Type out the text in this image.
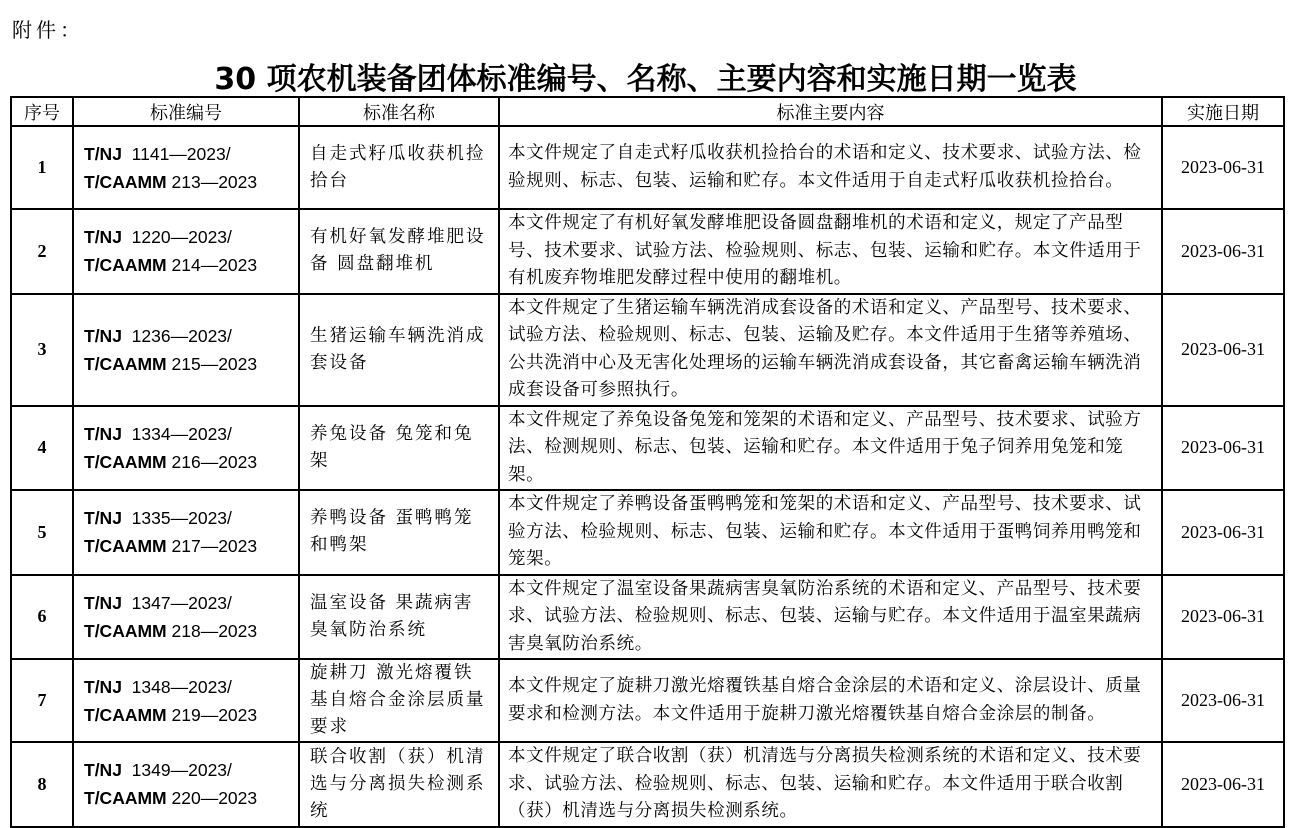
附件：
30 项农机装备团体标准编号、名称、主要内容和实施日期一览表
序号	标准编号	标准名称	标准主要内容	实施日期
1	T/NJ 1141—2023/
T/CAAMM 213—2023	自走式籽瓜收获机捡拾台	本文件规定了自走式籽瓜收获机捡拾台的术语和定义、技术要求、试验方法、检验规则、标志、包装、运输和贮存。本文件适用于自走式籽瓜收获机捡拾台。	2023-06-31
2	T/NJ 1220—2023/
T/CAAMM 214—2023	有机好氧发酵堆肥设备 圆盘翻堆机	本文件规定了有机好氧发酵堆肥设备圆盘翻堆机的术语和定义，规定了产品型号、技术要求、试验方法、检验规则、标志、包装、运输和贮存。本文件适用于有机废弃物堆肥发酵过程中使用的翻堆机。	2023-06-31
3	T/NJ 1236—2023/
T/CAAMM 215—2023	生猪运输车辆洗消成套设备	本文件规定了生猪运输车辆洗消成套设备的术语和定义、产品型号、技术要求、试验方法、检验规则、标志、包装、运输及贮存。本文件适用于生猪等养殖场、公共洗消中心及无害化处理场的运输车辆洗消成套设备，其它畜禽运输车辆洗消成套设备可参照执行。	2023-06-31
4	T/NJ 1334—2023/
T/CAAMM 216—2023	养兔设备 兔笼和兔架	本文件规定了养兔设备兔笼和笼架的术语和定义、产品型号、技术要求、试验方法、检测规则、标志、包装、运输和贮存。本文件适用于兔子饲养用兔笼和笼架。	2023-06-31
5	T/NJ 1335—2023/
T/CAAMM 217—2023	养鸭设备 蛋鸭鸭笼和鸭架	本文件规定了养鸭设备蛋鸭鸭笼和笼架的术语和定义、产品型号、技术要求、试验方法、检验规则、标志、包装、运输和贮存。本文件适用于蛋鸭饲养用鸭笼和笼架。	2023-06-31
6	T/NJ 1347—2023/
T/CAAMM 218—2023	温室设备 果蔬病害臭氧防治系统	本文件规定了温室设备果蔬病害臭氧防治系统的术语和定义、产品型号、技术要求、试验方法、检验规则、标志、包装、运输与贮存。本文件适用于温室果蔬病害臭氧防治系统。	2023-06-31
7	T/NJ 1348—2023/
T/CAAMM 219—2023	旋耕刀 激光熔覆铁基自熔合金涂层质量要求	本文件规定了旋耕刀激光熔覆铁基自熔合金涂层的术语和定义、涂层设计、质量要求和检测方法。本文件适用于旋耕刀激光熔覆铁基自熔合金涂层的制备。	2023-06-31
8	T/NJ 1349—2023/
T/CAAMM 220—2023	联合收割（获）机清选与分离损失检测系统	本文件规定了联合收割（获）机清选与分离损失检测系统的术语和定义、技术要求、试验方法、检验规则、标志、包装、运输和贮存。本文件适用于联合收割（获）机清选与分离损失检测系统。	2023-06-31
